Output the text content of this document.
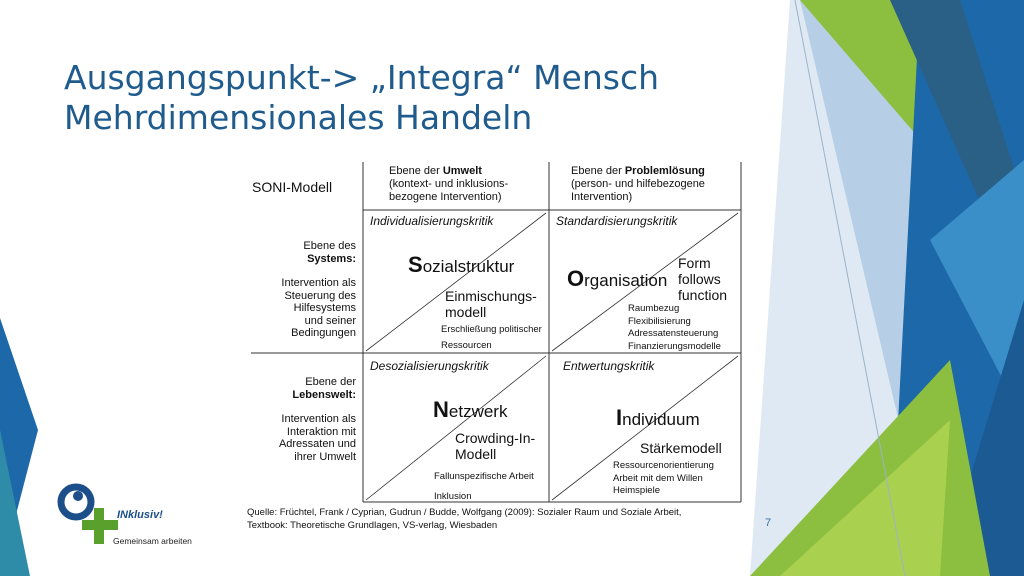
Ausgangspunkt-> „Integra“ Mensch
Mehrdimensionales Handeln
SONI-Modell
Ebene der Umwelt
(kontext- und inklusions-
bezogene Intervention)
Ebene der Problemlösung
(person- und hilfebezogene
Intervention)
Ebene des
Systems:
Intervention als
Steuerung des
Hilfesystems
und seiner
Bedingungen
Ebene der
Lebenswelt:
Intervention als
Interaktion mit
Adressaten und
ihrer Umwelt
Individualisierungskritik
Sozialstruktur
Einmischungs-
modell
Erschließung politischer
Ressourcen
Standardisierungskritik
Organisation
Form
follows
function
Raumbezug
Flexibilisierung
Adressatensteuerung
Finanzierungsmodelle
Desozialisierungskritik
Netzwerk
Crowding-In-
Modell
Fallunspezifische Arbeit
Inklusion
Entwertungskritik
Individuum
Stärkemodell
Ressourcenorientierung
Arbeit mit dem Willen
Heimspiele
Quelle: Früchtel, Frank / Cyprian, Gudrun / Budde, Wolfgang (2009): Sozialer Raum und Soziale Arbeit,
Textbook: Theoretische Grundlagen, VS-verlag, Wiesbaden	7
INklusiv!
Gemeinsam arbeiten
